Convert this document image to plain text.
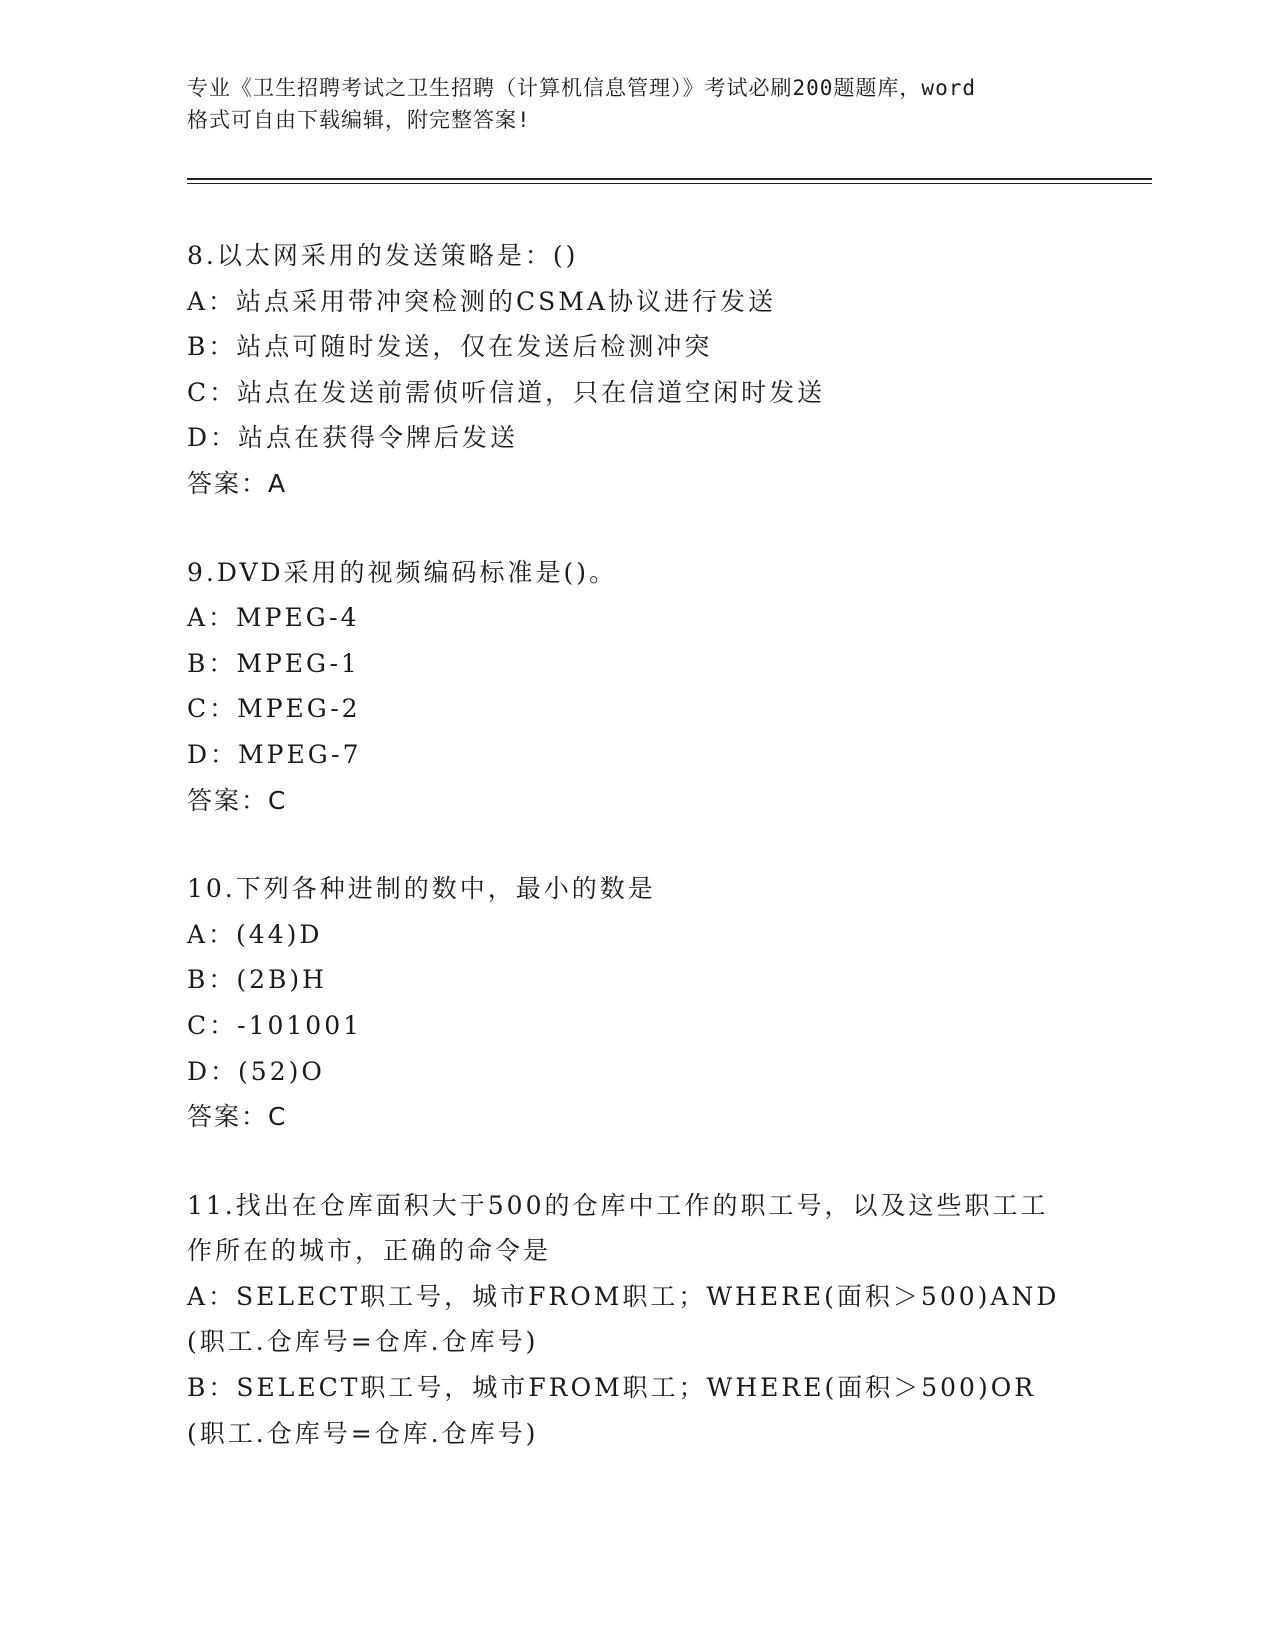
专业《卫生招聘考试之卫生招聘（计算机信息管理）》考试必刷200题题库，word
格式可自由下载编辑，附完整答案!
8.以太网采用的发送策略是：()
A：站点采用带冲突检测的CSMA协议进行发送
B：站点可随时发送，仅在发送后检测冲突
C：站点在发送前需侦听信道，只在信道空闲时发送
D：站点在获得令牌后发送
答案：A
9.DVD采用的视频编码标准是()。
A：MPEG-4
B：MPEG-1
C：MPEG-2
D：MPEG-7
答案：C
10.下列各种进制的数中，最小的数是
A：(44)D
B：(2B)H
C：-101001
D：(52)O
答案：C
11.找出在仓库面积大于500的仓库中工作的职工号，以及这些职工工作所在的城市，正确的命令是
A：SELECT职工号，城市FROM职工；WHERE(面积＞500)AND(职工.仓库号=仓库.仓库号)
B：SELECT职工号，城市FROM职工；WHERE(面积＞500)OR(职工.仓库号=仓库.仓库号)
